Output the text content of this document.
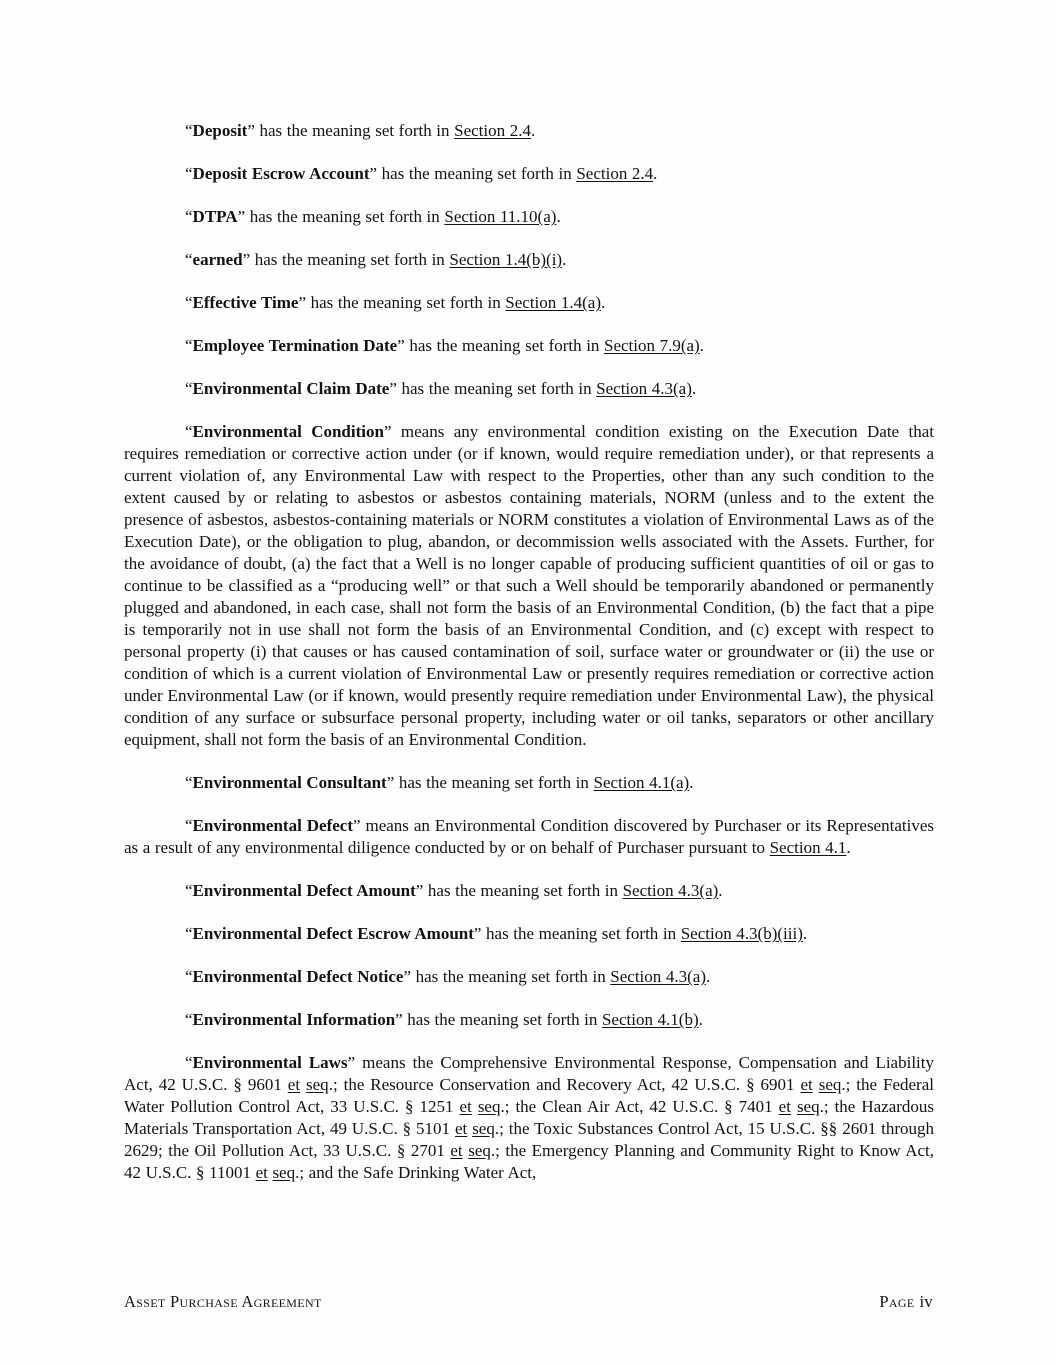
“Deposit” has the meaning set forth in Section 2.4.

“Deposit Escrow Account” has the meaning set forth in Section 2.4.

“DTPA” has the meaning set forth in Section 11.10(a).

“earned” has the meaning set forth in Section 1.4(b)(i).

“Effective Time” has the meaning set forth in Section 1.4(a).

“Employee Termination Date” has the meaning set forth in Section 7.9(a).

“Environmental Claim Date” has the meaning set forth in Section 4.3(a).

“Environmental Condition” means any environmental condition existing on the Execution Date that requires remediation or corrective action under (or if known, would require remediation under), or that represents a current violation of, any Environmental Law with respect to the Properties, other than any such condition to the extent caused by or relating to asbestos or asbestos containing materials, NORM (unless and to the extent the presence of asbestos, asbestos-containing materials or NORM constitutes a violation of Environmental Laws as of the Execution Date), or the obligation to plug, abandon, or decommission wells associated with the Assets. Further, for the avoidance of doubt, (a) the fact that a Well is no longer capable of producing sufficient quantities of oil or gas to continue to be classified as a “producing well” or that such a Well should be temporarily abandoned or permanently plugged and abandoned, in each case, shall not form the basis of an Environmental Condition, (b) the fact that a pipe is temporarily not in use shall not form the basis of an Environmental Condition, and (c) except with respect to personal property (i) that causes or has caused contamination of soil, surface water or groundwater or (ii) the use or condition of which is a current violation of Environmental Law or presently requires remediation or corrective action under Environmental Law (or if known, would presently require remediation under Environmental Law), the physical condition of any surface or subsurface personal property, including water or oil tanks, separators or other ancillary equipment, shall not form the basis of an Environmental Condition.

“Environmental Consultant” has the meaning set forth in Section 4.1(a).

“Environmental Defect” means an Environmental Condition discovered by Purchaser or its Representatives as a result of any environmental diligence conducted by or on behalf of Purchaser pursuant to Section 4.1.

“Environmental Defect Amount” has the meaning set forth in Section 4.3(a).

“Environmental Defect Escrow Amount” has the meaning set forth in Section 4.3(b)(iii).

“Environmental Defect Notice” has the meaning set forth in Section 4.3(a).

“Environmental Information” has the meaning set forth in Section 4.1(b).

“Environmental Laws” means the Comprehensive Environmental Response, Compensation and Liability Act, 42 U.S.C. § 9601 et seq.; the Resource Conservation and Recovery Act, 42 U.S.C. § 6901 et seq.; the Federal Water Pollution Control Act, 33 U.S.C. § 1251 et seq.; the Clean Air Act, 42 U.S.C. § 7401 et seq.; the Hazardous Materials Transportation Act, 49 U.S.C. § 5101 et seq.; the Toxic Substances Control Act, 15 U.S.C. §§ 2601 through 2629; the Oil Pollution Act, 33 U.S.C. § 2701 et seq.; the Emergency Planning and Community Right to Know Act, 42 U.S.C. § 11001 et seq.; and the Safe Drinking Water Act,

Asset Purchase Agreement	Page iv
